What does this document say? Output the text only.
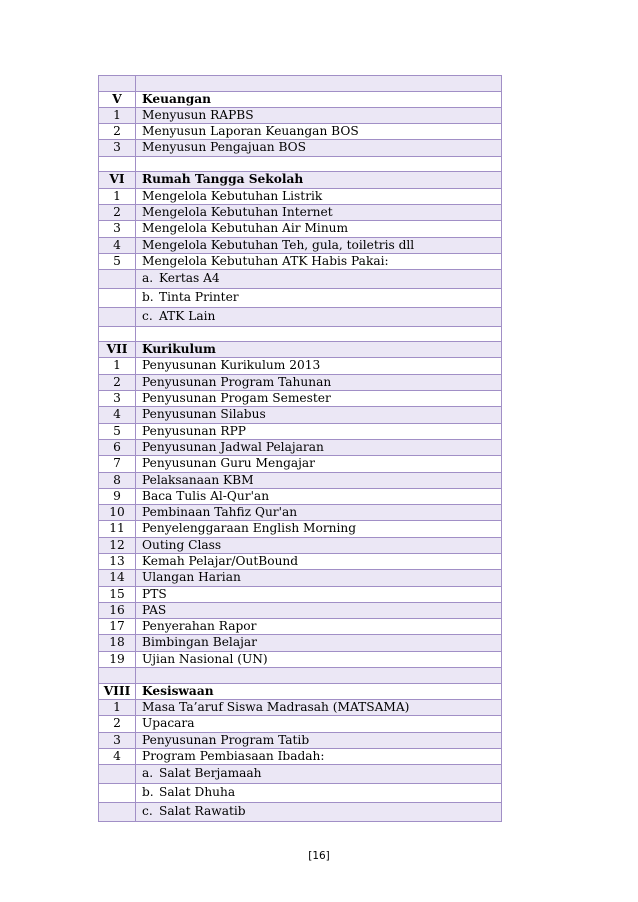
V	Keuangan
1	Menyusun RAPBS
2	Menyusun Laporan Keuangan BOS
3	Menyusun Pengajuan BOS

VI	Rumah Tangga Sekolah
1	Mengelola Kebutuhan Listrik
2	Mengelola Kebutuhan Internet
3	Mengelola Kebutuhan Air Minum
4	Mengelola Kebutuhan Teh, gula, toiletris dll
5	Mengelola Kebutuhan ATK Habis Pakai:
	a. Kertas A4
	b. Tinta Printer
	c. ATK Lain

VII	Kurikulum
1	Penyusunan Kurikulum 2013
2	Penyusunan Program Tahunan
3	Penyusunan Progam Semester
4	Penyusunan Silabus
5	Penyusunan RPP
6	Penyusunan Jadwal Pelajaran
7	Penyusunan Guru Mengajar
8	Pelaksanaan KBM
9	Baca Tulis Al-Qur'an
10	Pembinaan Tahfiz Qur'an
11	Penyelenggaraan English Morning
12	Outing Class
13	Kemah Pelajar/OutBound
14	Ulangan Harian
15	PTS
16	PAS
17	Penyerahan Rapor
18	Bimbingan Belajar
19	Ujian Nasional (UN)

VIII	Kesiswaan
1	Masa Ta’aruf Siswa Madrasah (MATSAMA)
2	Upacara
3	Penyusunan Program Tatib
4	Program Pembiasaan Ibadah:
	a. Salat Berjamaah
	b. Salat Dhuha
	c. Salat Rawatib
[16]
